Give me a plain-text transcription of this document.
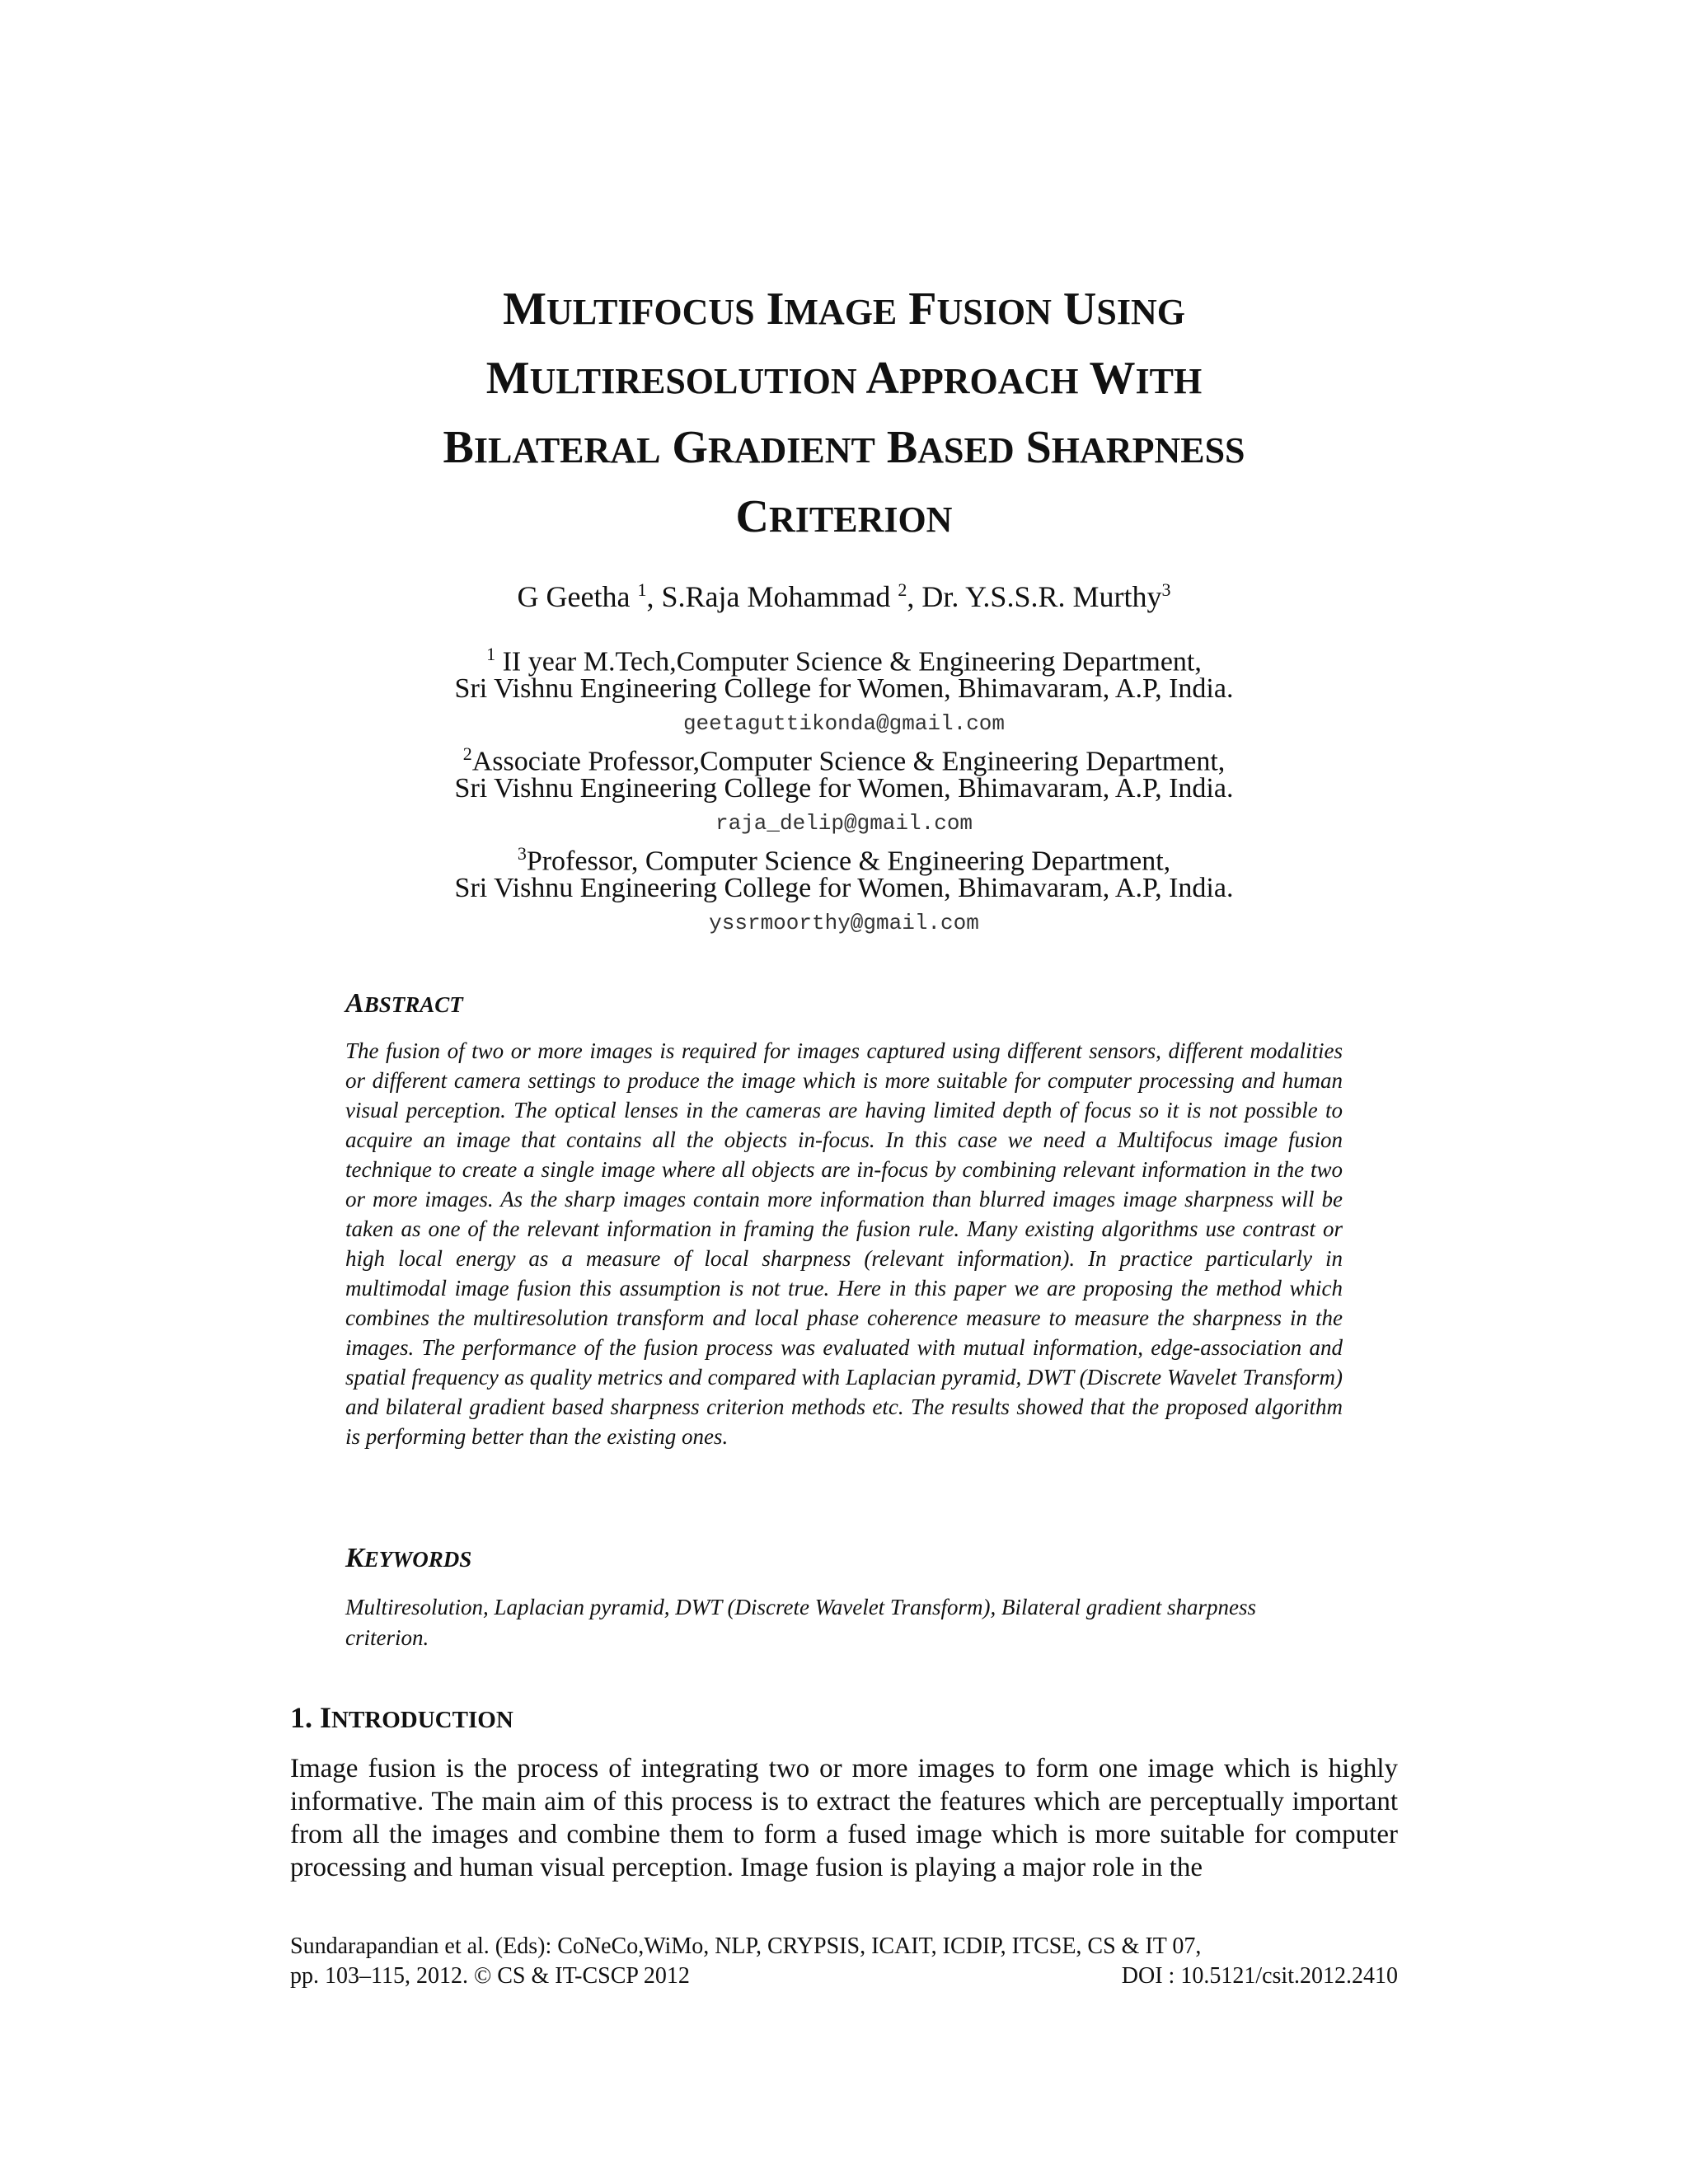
MULTIFOCUS IMAGE FUSION USING
MULTIRESOLUTION APPROACH WITH
BILATERAL GRADIENT BASED SHARPNESS
CRITERION
G Geetha $^1$, S.Raja Mohammad $^2$, Dr. Y.S.S.R. Murthy$^3$
$^1$ II year M.Tech,Computer Science & Engineering Department,
Sri Vishnu Engineering College for Women, Bhimavaram, A.P, India.
geetaguttikonda@gmail.com
$^2$Associate Professor,Computer Science & Engineering Department,
Sri Vishnu Engineering College for Women, Bhimavaram, A.P, India.
raja_delip@gmail.com
$^3$Professor, Computer Science & Engineering Department,
Sri Vishnu Engineering College for Women, Bhimavaram, A.P, India.
yssrmoorthy@gmail.com
ABSTRACT
The fusion of two or more images is required for images captured using different sensors, different modalities or different camera settings to produce the image which is more suitable for computer processing and human visual perception. The optical lenses in the cameras are having limited depth of focus so it is not possible to acquire an image that contains all the objects in-focus. In this case we need a Multifocus image fusion technique to create a single image where all objects are in-focus by combining relevant information in the two or more images. As the sharp images contain more information than blurred images image sharpness will be taken as one of the relevant information in framing the fusion rule. Many existing algorithms use contrast or high local energy as a measure of local sharpness (relevant information). In practice particularly in multimodal image fusion this assumption is not true. Here in this paper we are proposing the method which combines the multiresolution transform and local phase coherence measure to measure the sharpness in the images. The performance of the fusion process was evaluated with mutual information, edge-association and spatial frequency as quality metrics and compared with Laplacian pyramid, DWT (Discrete Wavelet Transform) and bilateral gradient based sharpness criterion methods etc. The results showed that the proposed algorithm is performing better than the existing ones.
KEYWORDS
Multiresolution, Laplacian pyramid, DWT (Discrete Wavelet Transform), Bilateral gradient sharpness criterion.
1. INTRODUCTION
Image fusion is the process of integrating two or more images to form one image which is highly informative. The main aim of this process is to extract the features which are perceptually important from all the images and combine them to form a fused image which is more suitable for computer processing and human visual perception. Image fusion is playing a major role in the
Sundarapandian et al. (Eds): CoNeCo,WiMo, NLP, CRYPSIS, ICAIT, ICDIP, ITCSE, CS & IT 07,
pp. 103–115, 2012. © CS & IT-CSCP 2012	DOI : 10.5121/csit.2012.2410
